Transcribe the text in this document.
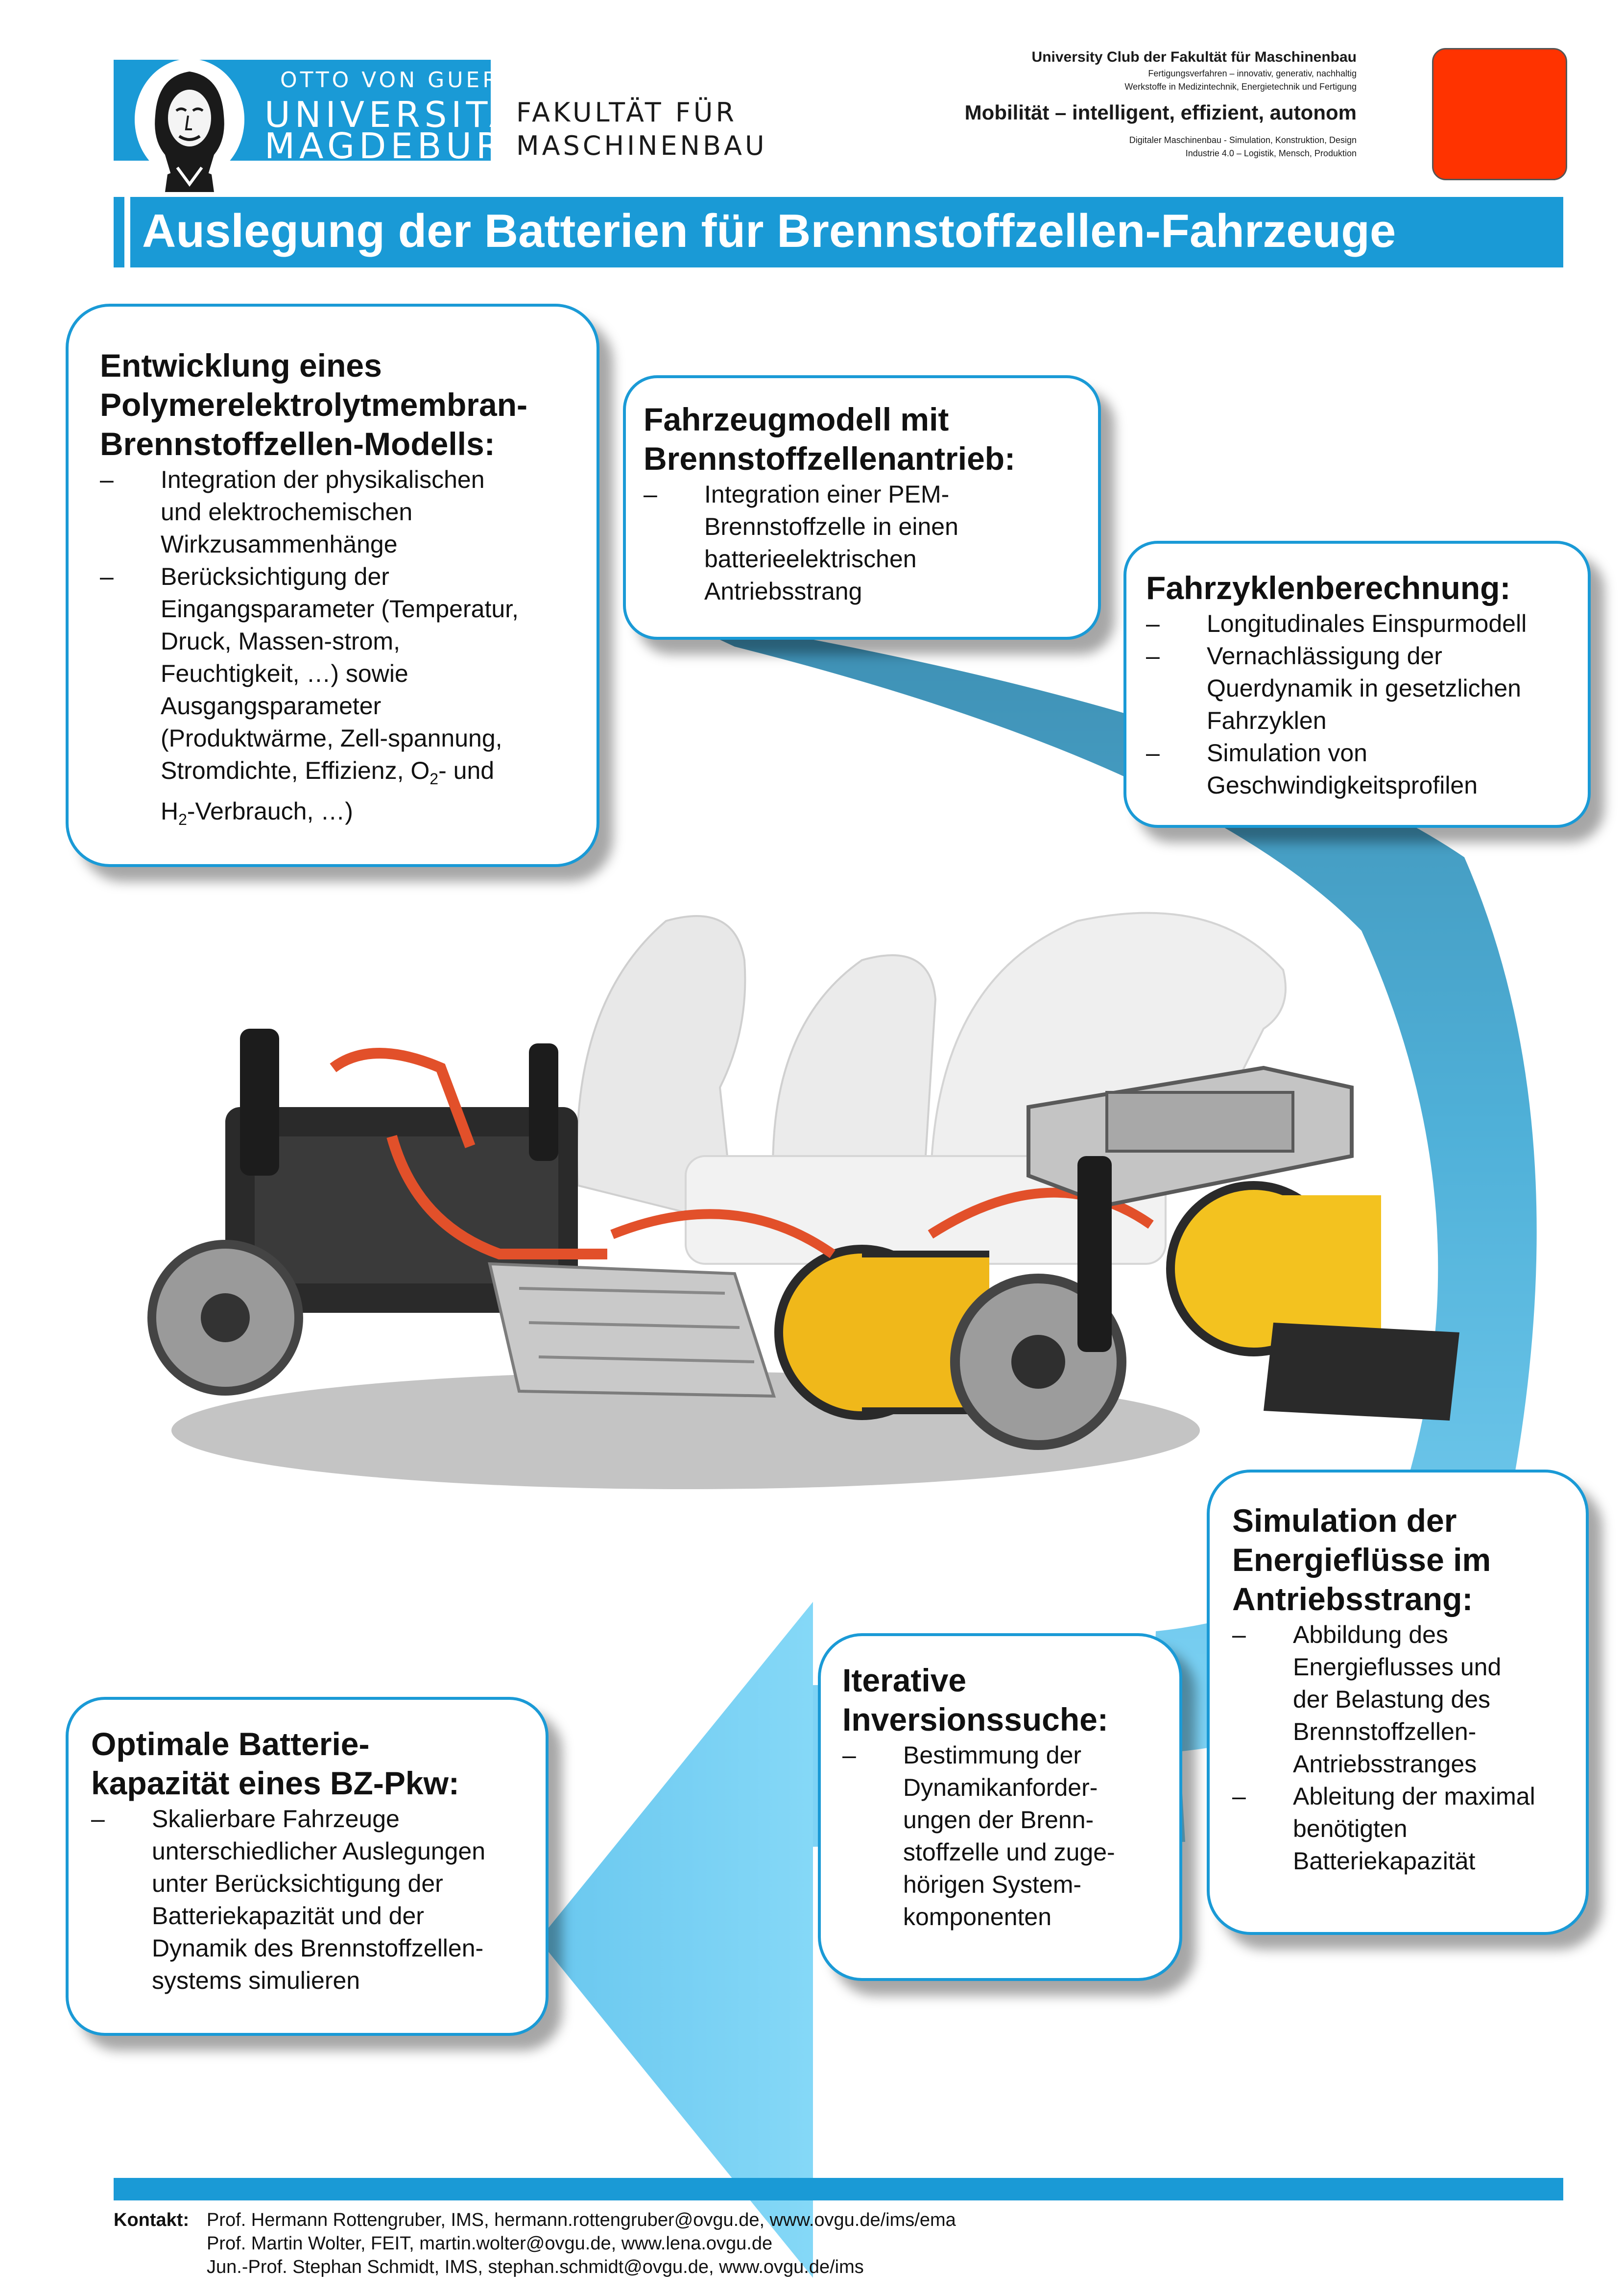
OTTO VON GUERICKE
UNIVERSITÄT
MAGDEBURG
FAKULTÄT FÜR
MASCHINENBAU
University Club der Fakultät für Maschinenbau
Fertigungsverfahren – innovativ, generativ, nachhaltig
Werkstoffe in Medizintechnik, Energietechnik und Fertigung
Mobilität – intelligent, effizient, autonom
Digitaler Maschinenbau - Simulation, Konstruktion, Design
Industrie 4.0 – Logistik, Mensch, Produktion
Auslegung der Batterien für Brennstoffzellen-Fahrzeuge
Entwicklung eines
Polymerelektrolytmembran-
Brennstoffzellen-Modells:
– Integration der physikalischen
und elektrochemischen
Wirkzusammenhänge
– Berücksichtigung der
Eingangsparameter (Temperatur,
Druck, Massen-strom,
Feuchtigkeit, …) sowie
Ausgangsparameter
(Produktwärme, Zell-spannung,
Stromdichte, Effizienz, $O_2-$ und
$H_2$-Verbrauch, …)
Fahrzeugmodell mit
Brennstoffzellenantrieb:
– Integration einer PEM-
Brennstoffzelle in einen
batterieelektrischen
Antriebsstrang	Fahrzyklenberechnung:
– Longitudinales Einspurmodell
– Vernachlässigung der
Querdynamik in gesetzlichen
Fahrzyklen
– Simulation von
Geschwindigkeitsprofilen
Simulation der
Energieflüsse im
Antriebsstrang:
– Abbildung des
Energieflusses und
der Belastung des
Brennstoffzellen-
Antriebsstranges
– Ableitung der maximal
benötigten
Batteriekapazität
Iterative
Inversionssuche:
– Bestimmung der
Dynamikanforder-
ungen der Brenn-
stoffzelle und zuge-
hörigen System-
komponenten
Optimale Batterie-
kapazität eines BZ-Pkw:
– Skalierbare Fahrzeuge
unterschiedlicher Auslegungen
unter Berücksichtigung der
Batteriekapazität und der
Dynamik des Brennstoffzellen-
systems simulieren
Kontakt: Prof. Hermann Rottengruber, IMS, hermann.rottengruber@ovgu.de, www.ovgu.de/ims/ema
Prof. Martin Wolter, FEIT, martin.wolter@ovgu.de, www.lena.ovgu.de
Jun.-Prof. Stephan Schmidt, IMS, stephan.schmidt@ovgu.de, www.ovgu.de/ims
